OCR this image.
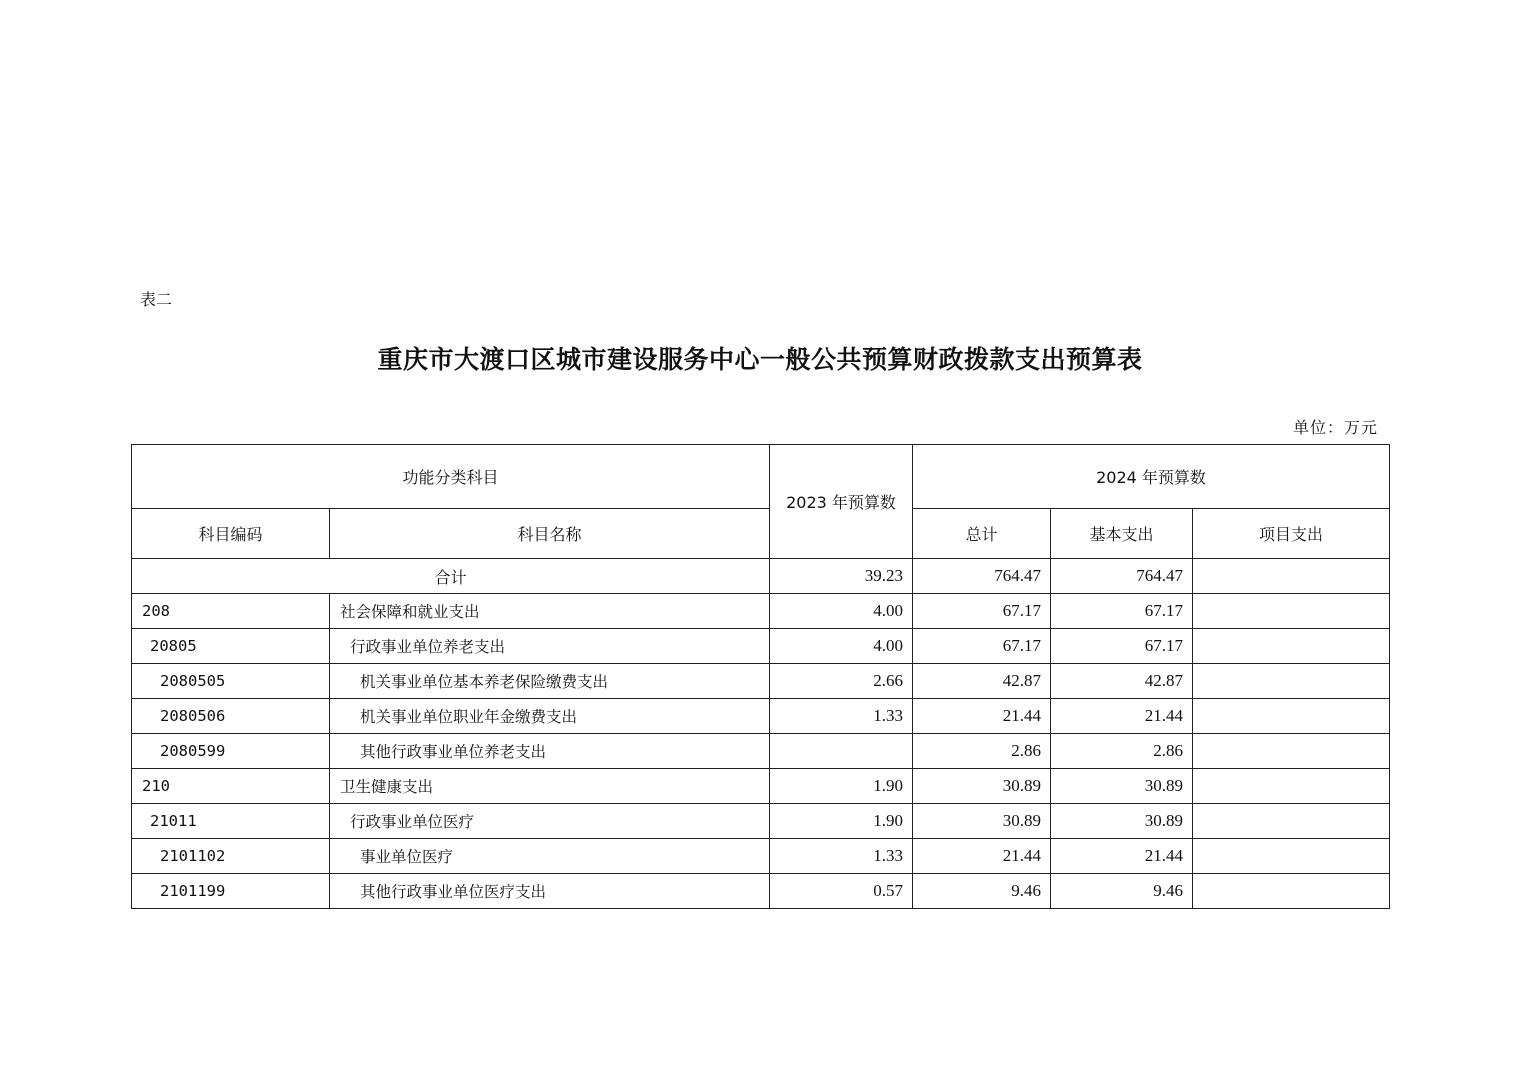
表二
重庆市大渡口区城市建设服务中心一般公共预算财政拨款支出预算表
单位：万元
功能分类科目		2023 年预算数	2024 年预算数		
科目编码	科目名称		总计	基本支出	项目支出
合计		39.23	764.47	764.47	
208	社会保障和就业支出	4.00	67.17	67.17	
20805	行政事业单位养老支出	4.00	67.17	67.17	
2080505	机关事业单位基本养老保险缴费支出	2.66	42.87	42.87	
2080506	机关事业单位职业年金缴费支出	1.33	21.44	21.44	
2080599	其他行政事业单位养老支出		2.86	2.86	
210	卫生健康支出	1.90	30.89	30.89	
21011	行政事业单位医疗	1.90	30.89	30.89	
2101102	事业单位医疗	1.33	21.44	21.44	
2101199	其他行政事业单位医疗支出	0.57	9.46	9.46	
